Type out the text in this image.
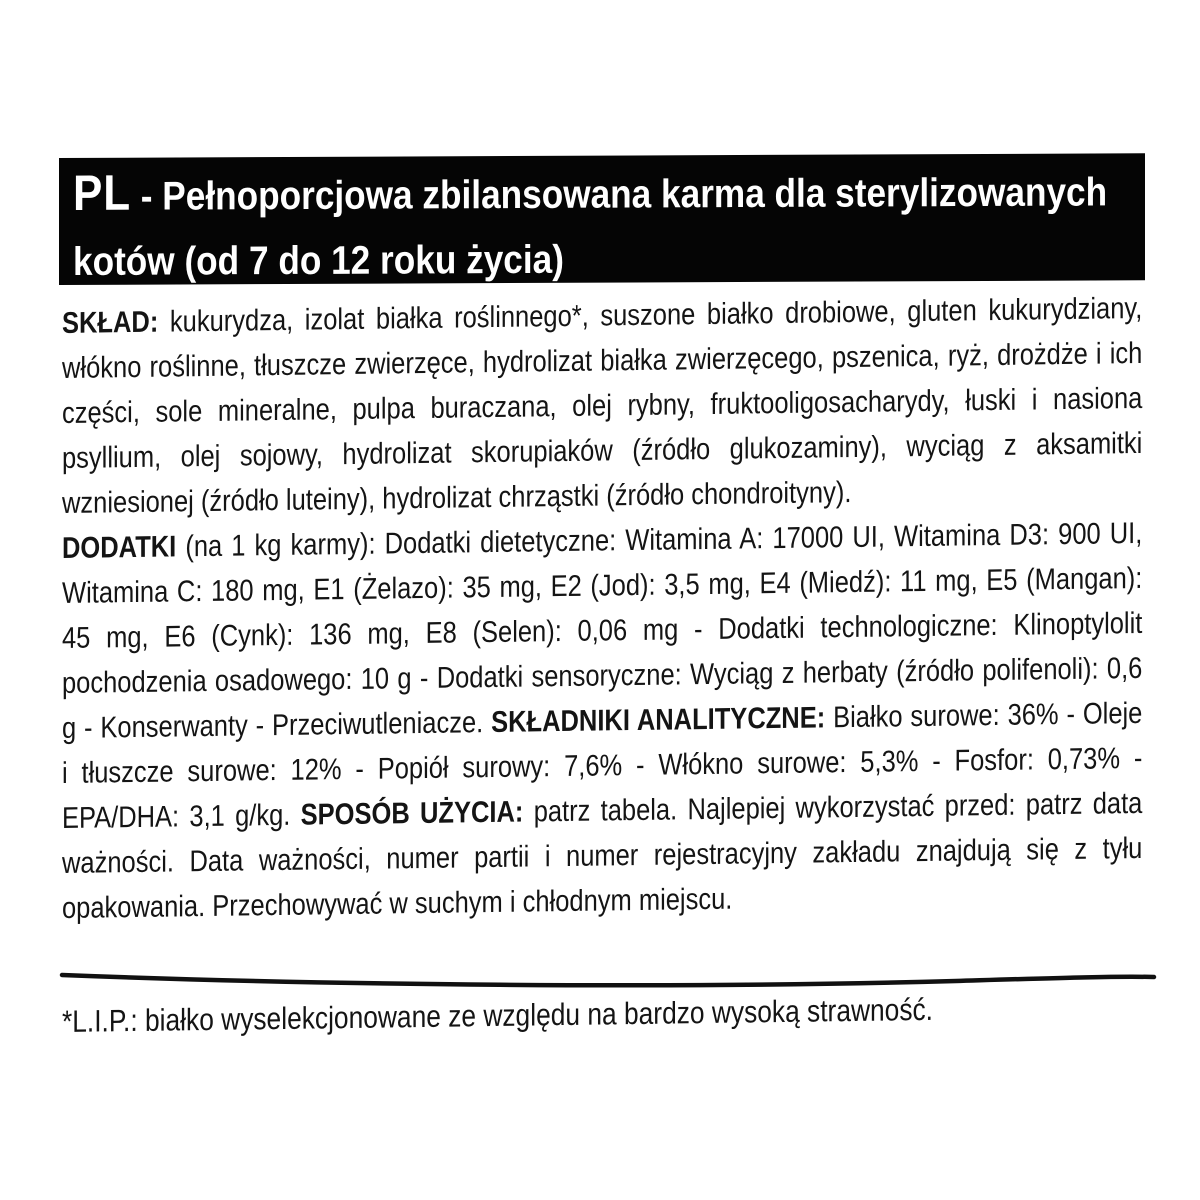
PL - Pełnoporcjowa zbilansowana karma dla sterylizowanych
kotów (od 7 do 12 roku życia)

SKŁAD: kukurydza, izolat białka roślinnego*, suszone białko drobiowe, gluten kukurydziany, włókno roślinne, tłuszcze zwierzęce, hydrolizat białka zwierzęcego, pszenica, ryż, drożdże i ich części, sole mineralne, pulpa buraczana, olej rybny, fruktooligosacharydy, łuski i nasiona psyllium, olej sojowy, hydrolizat skorupiaków (źródło glukozaminy), wyciąg z aksamitki wzniesionej (źródło luteiny), hydrolizat chrząstki (źródło chondroityny).

DODATKI (na 1 kg karmy): Dodatki dietetyczne: Witamina A: 17000 UI, Witamina D3: 900 UI, Witamina C: 180 mg, E1 (Żelazo): 35 mg, E2 (Jod): 3,5 mg, E4 (Miedź): 11 mg, E5 (Mangan): 45 mg, E6 (Cynk): 136 mg, E8 (Selen): 0,06 mg - Dodatki technologiczne: Klinoptylolit pochodzenia osadowego: 10 g - Dodatki sensoryczne: Wyciąg z herbaty (źródło polifenoli): 0,6 g - Konserwanty - Przeciwutleniacze. SKŁADNIKI ANALITYCZNE: Białko surowe: 36% - Oleje i tłuszcze surowe: 12% - Popiół surowy: 7,6% - Włókno surowe: 5,3% - Fosfor: 0,73% - EPA/DHA: 3,1 g/kg. SPOSÓB UŻYCIA: patrz tabela. Najlepiej wykorzystać przed: patrz data ważności. Data ważności, numer partii i numer rejestracyjny zakładu znajdują się z tyłu opakowania. Przechowywać w suchym i chłodnym miejscu.

*L.I.P.: białko wyselekcjonowane ze względu na bardzo wysoką strawność.
